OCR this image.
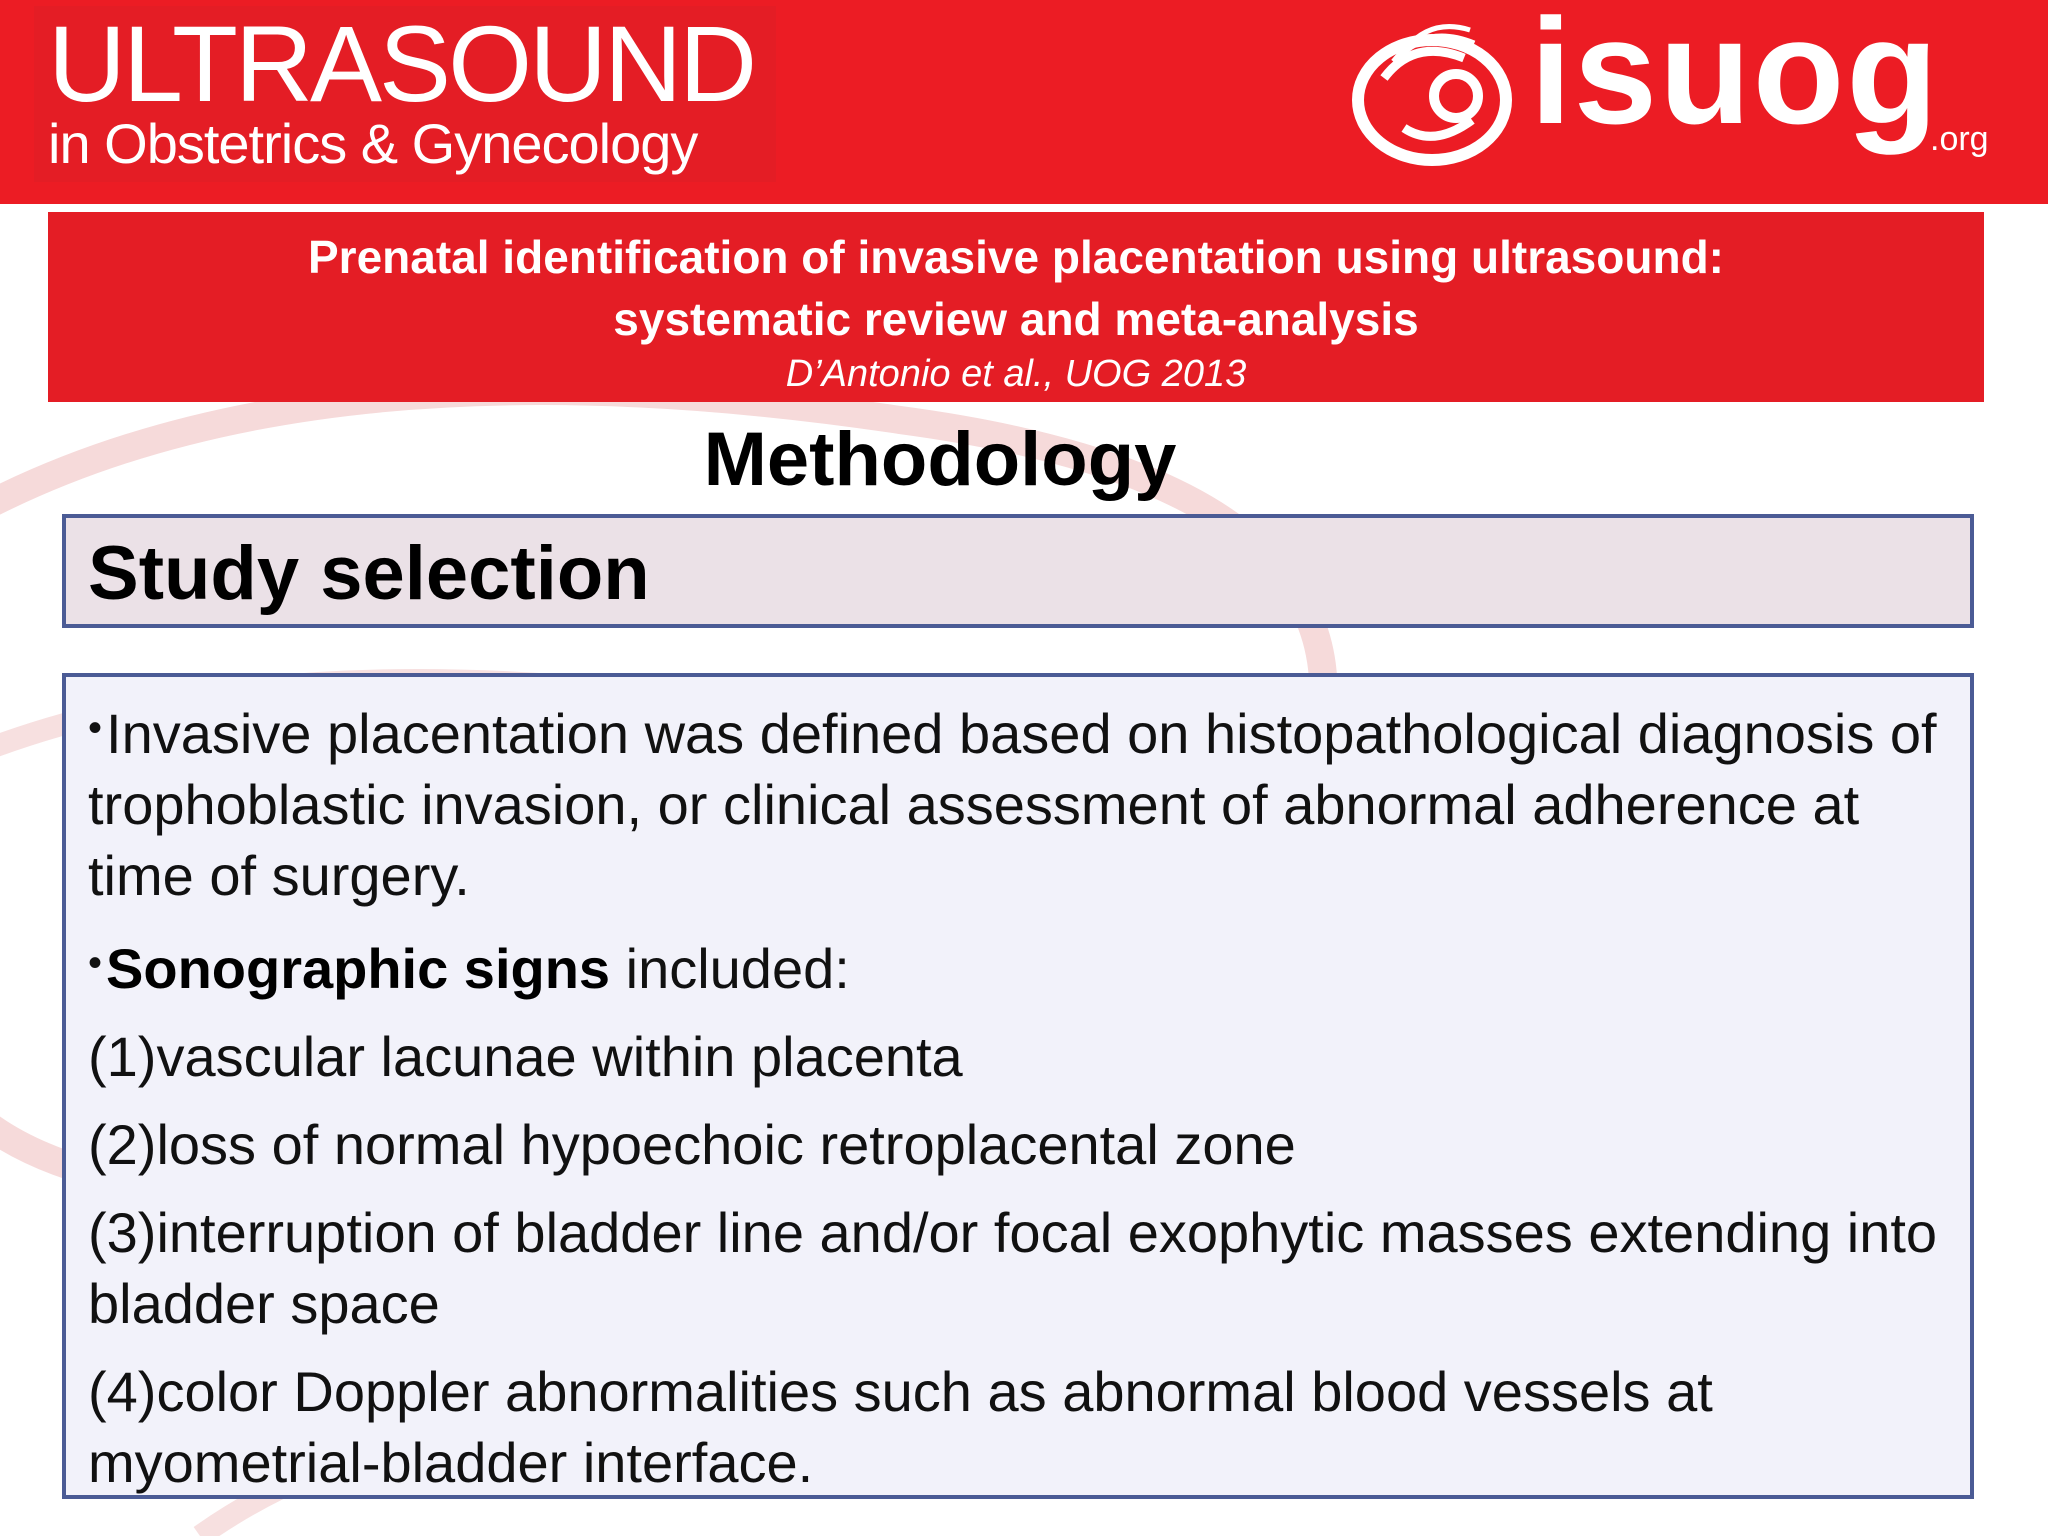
ULTRASOUND
in Obstetrics & Gynecology	isuog
.org
Prenatal identification of invasive placentation using ultrasound:
systematic review and meta-analysis
D’Antonio et al., UOG 2013
Methodology
Study selection

•Invasive placentation was defined based on histopathological diagnosis of trophoblastic invasion, or clinical assessment of abnormal adherence at time of surgery.

•Sonographic signs included:

(1)vascular lacunae within placenta

(2)loss of normal hypoechoic retroplacental zone

(3)interruption of bladder line and/or focal exophytic masses extending into bladder space

(4)color Doppler abnormalities such as abnormal blood vessels at myometrial-bladder interface.
